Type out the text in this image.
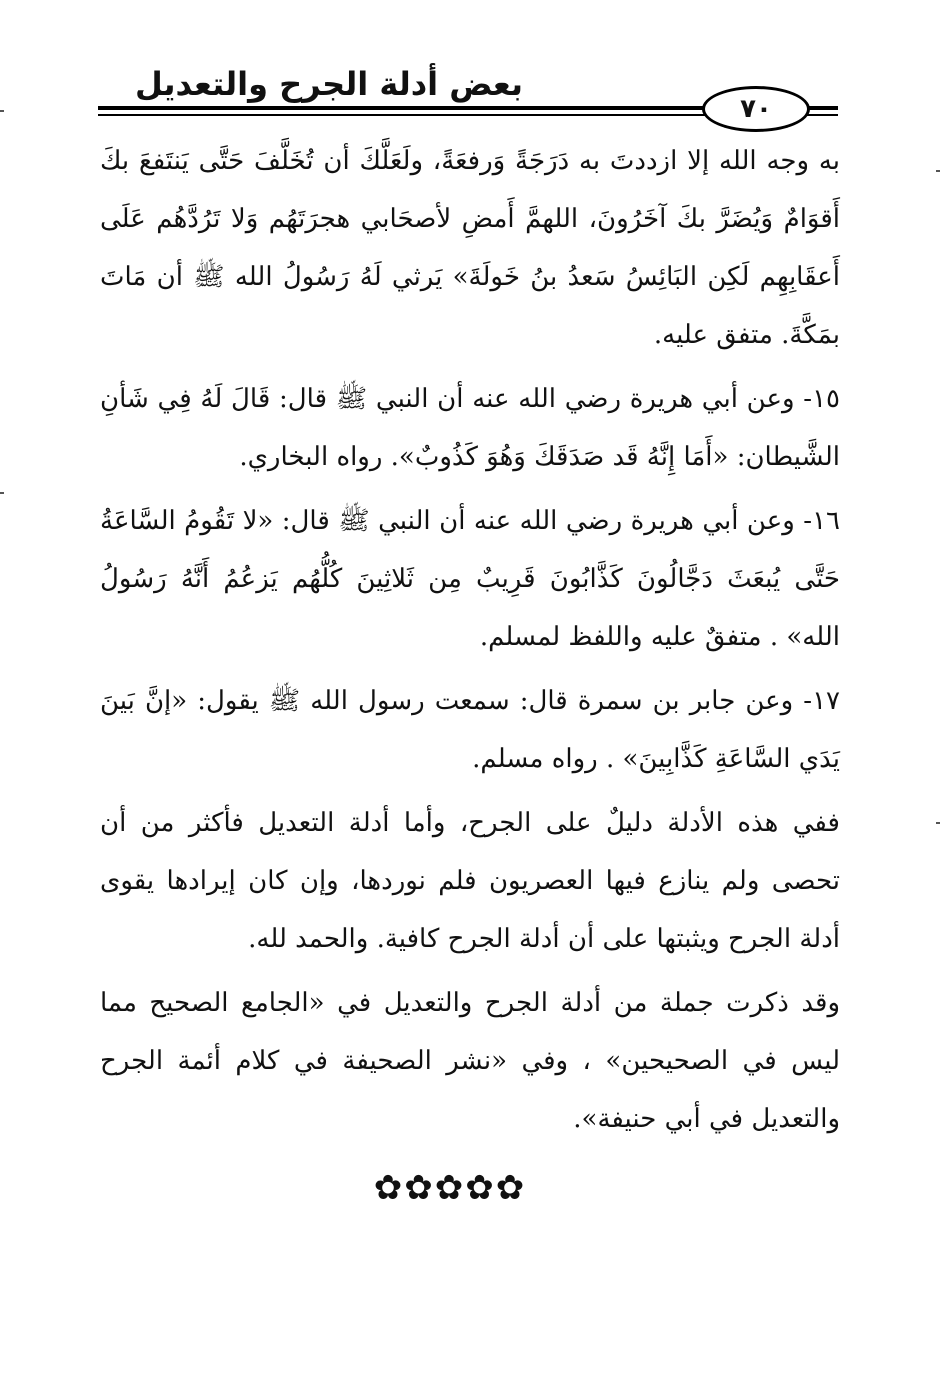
بعض أدلة الجرح والتعديل
٧٠

به وجه الله إلا ازددتَ به دَرَجَةً وَرفعَةً، ولَعَلَّكَ أن تُخَلَّفَ حَتَّى يَنتَفعَ بكَ أَقوَامٌ وَيُضَرَّ بكَ آخَرُونَ، اللهمَّ أَمضِ لأصحَابي هجرَتَهُم وَلا تَرُدَّهُم عَلَى أَعقَابِهِم لَكِن البَائِسُ سَعدُ بنُ خَولَةَ» يَرثي لَهُ رَسُولُ الله ﷺ أن مَاتَ بمَكَّةَ. متفق عليه.

١٥- وعن أبي هريرة رضي الله عنه أن النبي ﷺ قال: قَالَ لَهُ فِي شَأنِ الشَّيطان: «أَمَا إِنَّهُ قَد صَدَقَكَ وَهُوَ كَذُوبٌ». رواه البخاري.

١٦- وعن أبي هريرة رضي الله عنه أن النبي ﷺ قال: «لا تَقُومُ السَّاعَةُ حَتَّى يُبعَثَ دَجَّالُونَ كَذَّابُونَ قَرِيبٌ مِن ثَلاثِينَ كُلُّهُم يَزعُمُ أَنَّهُ رَسُولُ الله» . متفقٌ عليه واللفظ لمسلم.

١٧- وعن جابر بن سمرة قال: سمعت رسول الله ﷺ يقول: «إنَّ بَينَ يَدَي السَّاعَةِ كَذَّابِينَ» . رواه مسلم.

ففي هذه الأدلة دليلٌ على الجرح، وأما أدلة التعديل فأكثر من أن تحصى ولم ينازع فيها العصريون فلم نوردها، وإن كان إيرادها يقوى أدلة الجرح ويثبتها على أن أدلة الجرح كافية. والحمد لله.

وقد ذكرت جملة من أدلة الجرح والتعديل في «الجامع الصحيح مما ليس في الصحيحين» ، وفي «نشر الصحيفة في كلام أئمة الجرح والتعديل في أبي حنيفة».

✿✿✿✿✿
